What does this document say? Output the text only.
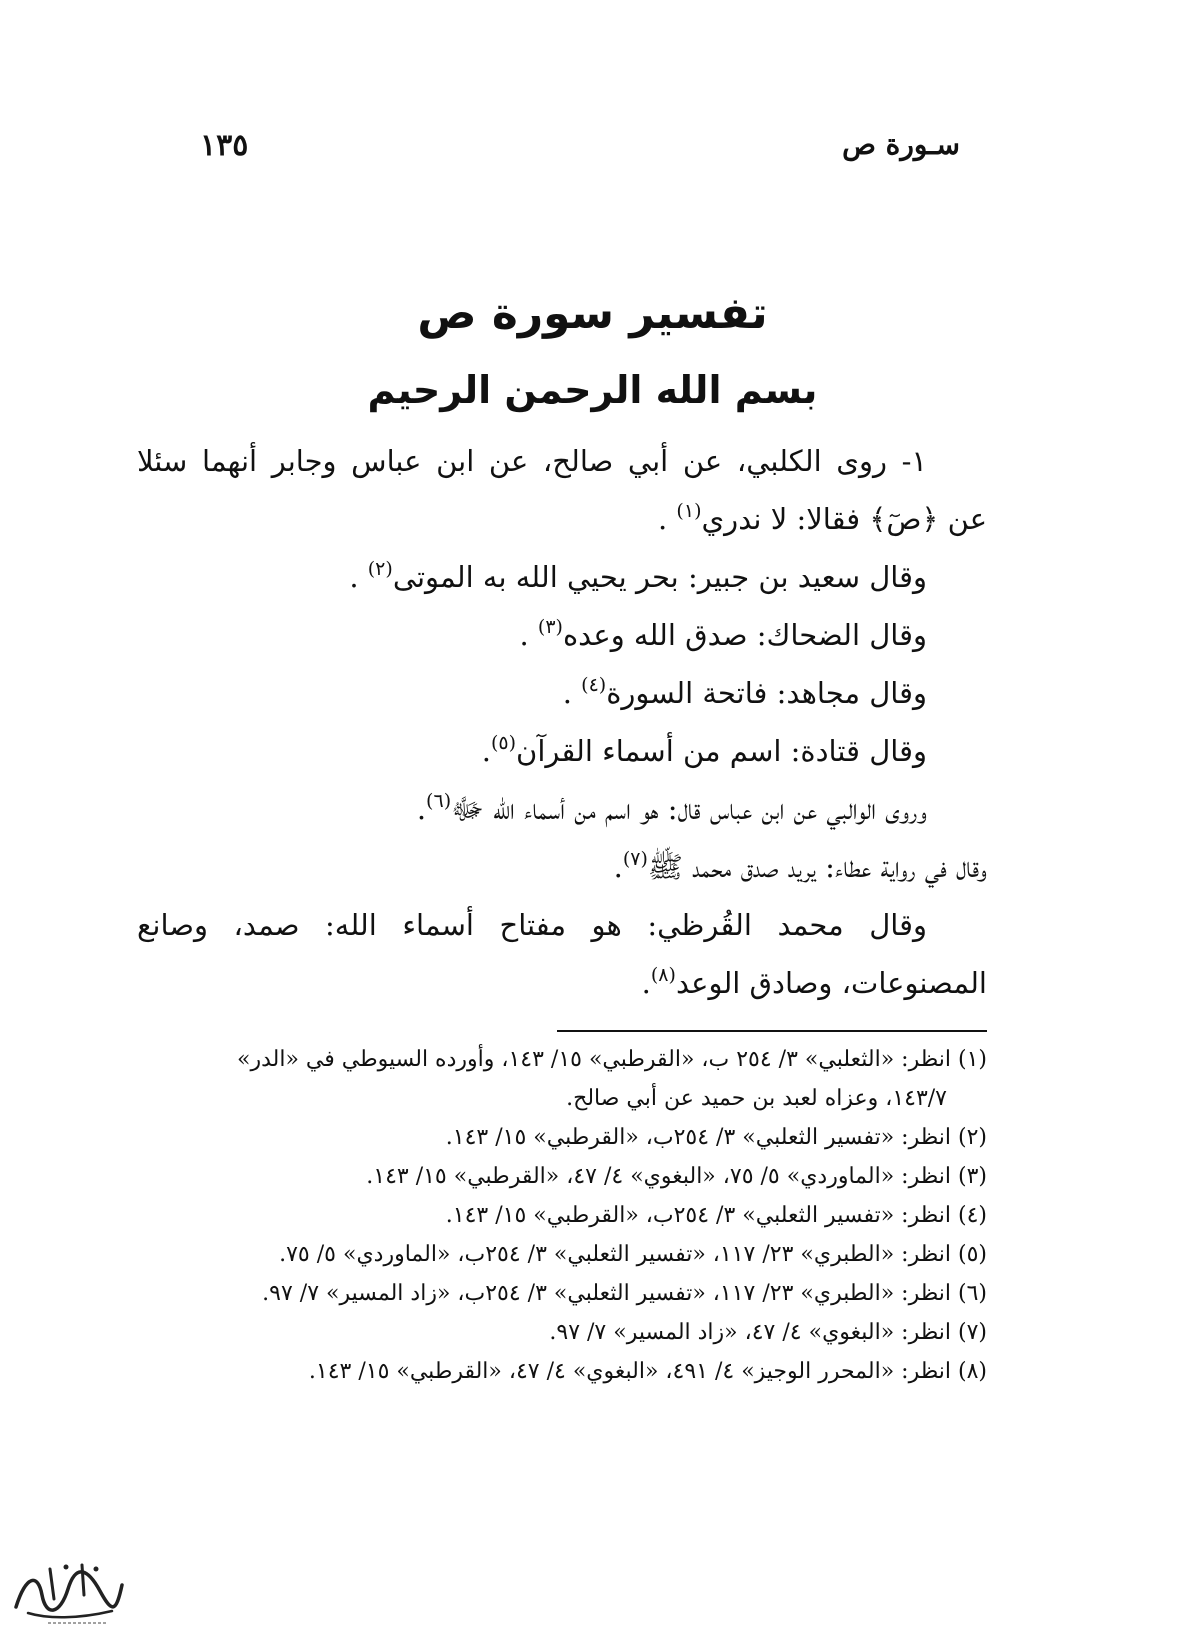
سـورة ص
١٣٥
تفسير سورة ص
بسم الله الرحمن الرحيم

١- روى الكلبي، عن أبي صالح، عن ابن عباس وجابر أنهما سئلا

عن ﴿صٓ﴾ فقالا: لا ندري$^{(١)}$ .

وقال سعيد بن جبير: بحر يحيي الله به الموتى$^{(٢)}$ .

وقال الضحاك: صدق الله وعده$^{(٣)}$ .

وقال مجاهد: فاتحة السورة$^{(٤)}$ .

وقال قتادة: اسم من أسماء القرآن$^{(٥)}$.

وروى الوالبي عن ابن عباس قال: هو اسم من أسماء الله ﷻ$^{(٦)}$.

وقال في رواية عطاء: يريد صدق محمد ﷺ$^{(٧)}$.

وقال محمد القُرظي: هو مفتاح أسماء الله: صمد، وصانع

المصنوعات، وصادق الوعد$^{(٨)}$.

(١) انظر: «الثعلبي» ٣/ ٢٥٤ ب، «القرطبي» ١٥/ ١٤٣، وأورده السيوطي في «الدر»

١٤٣/٧، وعزاه لعبد بن حميد عن أبي صالح.

(٢) انظر: «تفسير الثعلبي» ٣/ ٢٥٤ب، «القرطبي» ١٥/ ١٤٣.

(٣) انظر: «الماوردي» ٥/ ٧٥، «البغوي» ٤/ ٤٧، «القرطبي» ١٥/ ١٤٣.

(٤) انظر: «تفسير الثعلبي» ٣/ ٢٥٤ب، «القرطبي» ١٥/ ١٤٣.

(٥) انظر: «الطبري» ٢٣/ ١١٧، «تفسير الثعلبي» ٣/ ٢٥٤ب، «الماوردي» ٥/ ٧٥.

(٦) انظر: «الطبري» ٢٣/ ١١٧، «تفسير الثعلبي» ٣/ ٢٥٤ب، «زاد المسير» ٧/ ٩٧.

(٧) انظر: «البغوي» ٤/ ٤٧، «زاد المسير» ٧/ ٩٧.

(٨) انظر: «المحرر الوجيز» ٤/ ٤٩١، «البغوي» ٤/ ٤٧، «القرطبي» ١٥/ ١٤٣.
